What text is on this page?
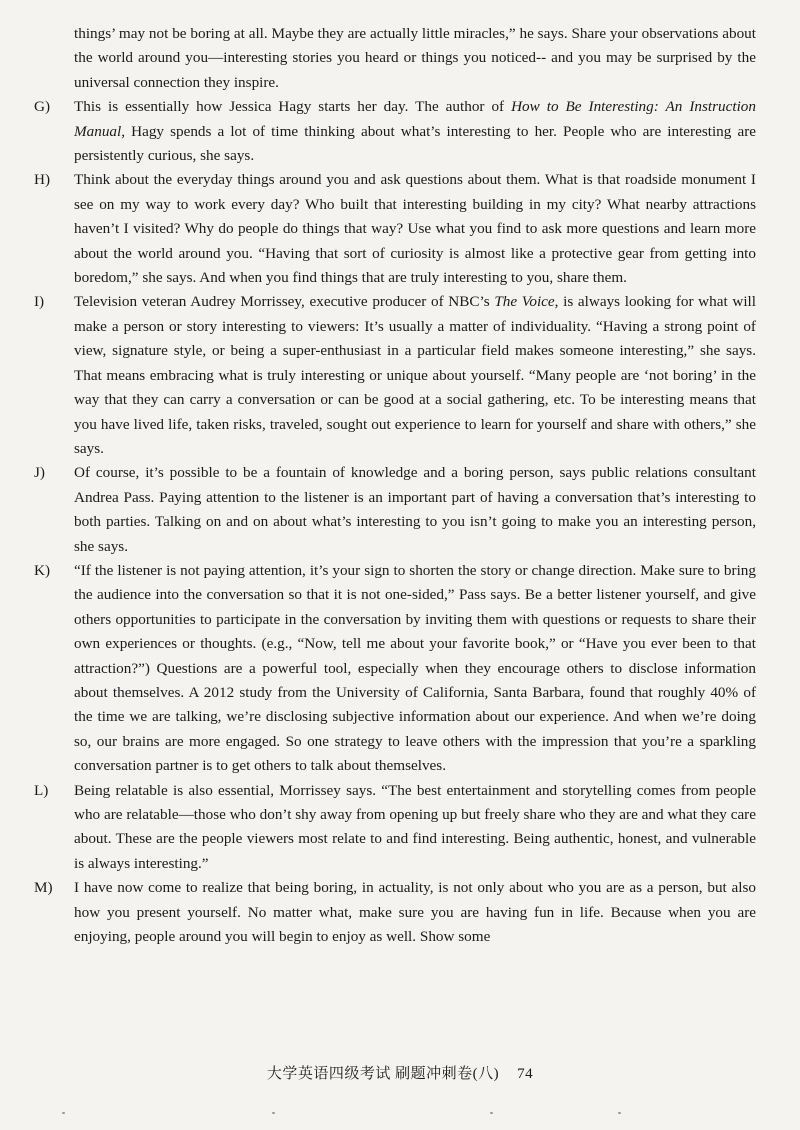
things’ may not be boring at all. Maybe they are actually little miracles,” he says. Share your observations about the world around you—interesting stories you heard or things you noticed-- and you may be surprised by the universal connection they inspire.

G) This is essentially how Jessica Hagy starts her day. The author of How to Be Interesting: An Instruction Manual, Hagy spends a lot of time thinking about what’s interesting to her. People who are interesting are persistently curious, she says.

H) Think about the everyday things around you and ask questions about them. What is that roadside monument I see on my way to work every day? Who built that interesting building in my city? What nearby attractions haven’t I visited? Why do people do things that way? Use what you find to ask more questions and learn more about the world around you. “Having that sort of curiosity is almost like a protective gear from getting into boredom,” she says. And when you find things that are truly interesting to you, share them.

I) Television veteran Audrey Morrissey, executive producer of NBC’s The Voice, is always looking for what will make a person or story interesting to viewers: It’s usually a matter of individuality. “Having a strong point of view, signature style, or being a super-enthusiast in a particular field makes someone interesting,” she says. That means embracing what is truly interesting or unique about yourself. “Many people are ‘not boring’ in the way that they can carry a conversation or can be good at a social gathering, etc. To be interesting means that you have lived life, taken risks, traveled, sought out experience to learn for yourself and share with others,” she says.

J) Of course, it’s possible to be a fountain of knowledge and a boring person, says public relations consultant Andrea Pass. Paying attention to the listener is an important part of having a conversation that’s interesting to both parties. Talking on and on about what’s interesting to you isn’t going to make you an interesting person, she says.

K) “If the listener is not paying attention, it’s your sign to shorten the story or change direction. Make sure to bring the audience into the conversation so that it is not one-sided,” Pass says. Be a better listener yourself, and give others opportunities to participate in the conversation by inviting them with questions or requests to share their own experiences or thoughts. (e.g., “Now, tell me about your favorite book,” or “Have you ever been to that attraction?”) Questions are a powerful tool, especially when they encourage others to disclose information about themselves. A 2012 study from the University of California, Santa Barbara, found that roughly 40% of the time we are talking, we’re disclosing subjective information about our experience. And when we’re doing so, our brains are more engaged. So one strategy to leave others with the impression that you’re a sparkling conversation partner is to get others to talk about themselves.

L) Being relatable is also essential, Morrissey says. “The best entertainment and storytelling comes from people who are relatable—those who don’t shy away from opening up but freely share who they are and what they care about. These are the people viewers most relate to and find interesting. Being authentic, honest, and vulnerable is always interesting.”

M) I have now come to realize that being boring, in actuality, is not only about who you are as a person, but also how you present yourself. No matter what, make sure you are having fun in life. Because when you are enjoying, people around you will begin to enjoy as well. Show some

大学英语四级考试 刷题冲刺卷(八) 74
